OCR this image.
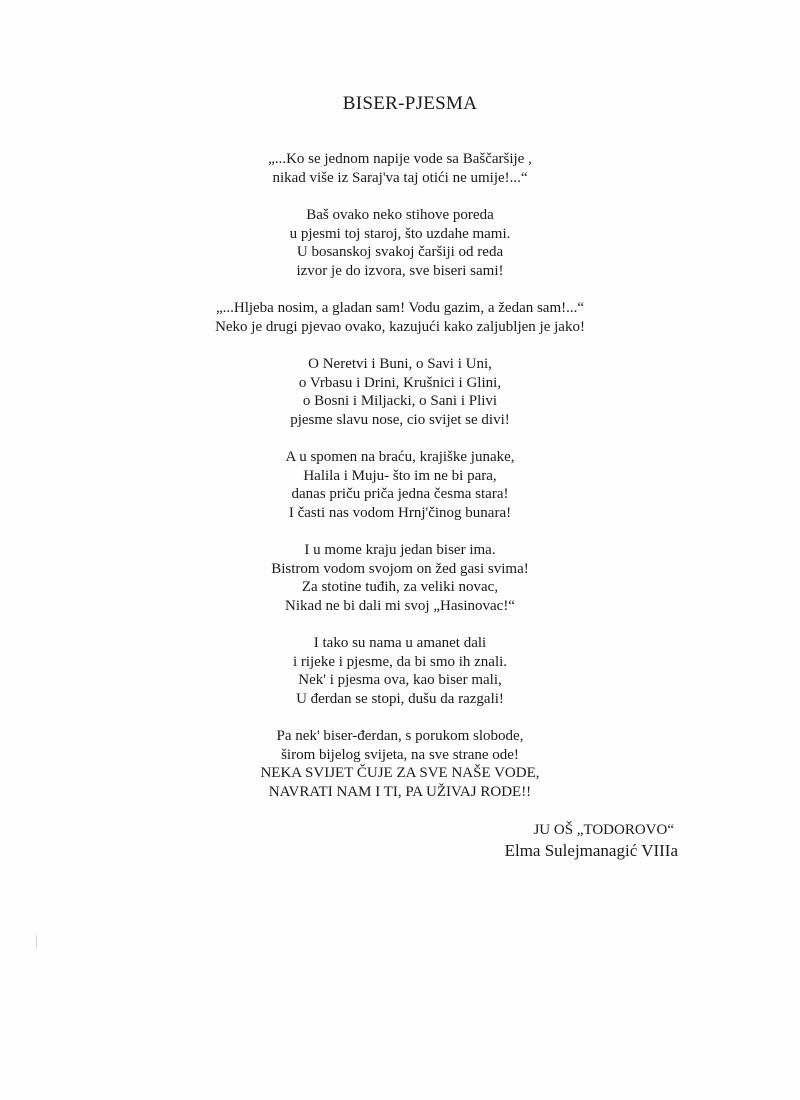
BISER-PJESMA
„...Ko se jednom napije vode sa Baščaršije ,
nikad više iz Saraj'va taj otići ne umije!...“
Baš ovako neko stihove poreda
u pjesmi toj staroj, što uzdahe mami.
U bosanskoj svakoj čaršiji od reda
izvor je do izvora, sve biseri sami!
„...Hljeba nosim, a gladan sam! Vodu gazim, a žedan sam!...“
Neko je drugi pjevao ovako, kazujući kako zaljubljen je jako!
O Neretvi i Buni, o Savi i Uni,
o Vrbasu i Drini, Krušnici i Glini,
o Bosni i Miljacki, o Sani i Plivi
pjesme slavu nose, cio svijet se divi!
A u spomen na braću, krajiške junake,
Halila i Muju- što im ne bi para,
danas priču priča jedna česma stara!
I časti nas vodom Hrnj'činog bunara!
I u mome kraju jedan biser ima.
Bistrom vodom svojom on žed gasi svima!
Za stotine tuđih, za veliki novac,
Nikad ne bi dali mi svoj „Hasinovac!“
I tako su nama u amanet dali
i rijeke i pjesme, da bi smo ih znali.
Nek' i pjesma ova, kao biser mali,
U đerdan se stopi, dušu da razgali!
Pa nek' biser-đerdan, s porukom slobode,
širom bijelog svijeta, na sve strane ode!
NEKA SVIJET ČUJE ZA SVE NAŠE VODE,
NAVRATI NAM I TI, PA UŽIVAJ RODE!!
JU OŠ „TODOROVO“
Elma Sulejmanagić VIIIa
